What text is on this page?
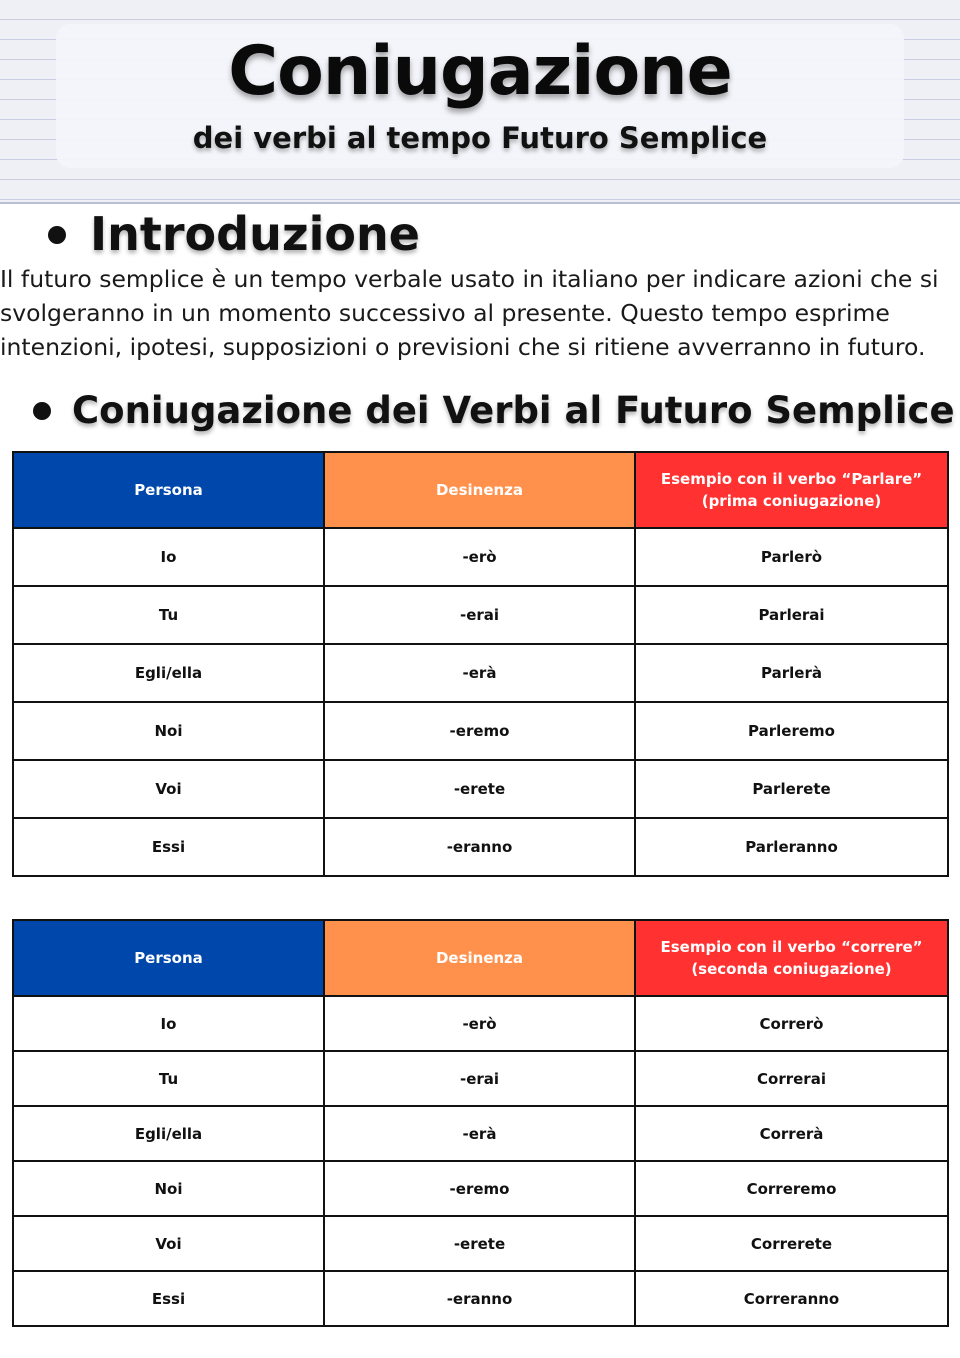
Coniugazione
dei verbi al tempo Futuro Semplice
Introduzione

Il futuro semplice è un tempo verbale usato in italiano per indicare azioni che si svolgeranno in un momento successivo al presente. Questo tempo esprime intenzioni, ipotesi, supposizioni o previsioni che si ritiene avverranno in futuro.

Coniugazione dei Verbi al Futuro Semplice
Persona	Desinenza	Esempio con il verbo “Parlare”
(prima coniugazione)
Io	-erò	Parlerò
Tu	-erai	Parlerai
Egli/ella	-erà	Parlerà
Noi	-eremo	Parleremo
Voi	-erete	Parlerete
Essi	-eranno	Parleranno
Persona	Desinenza	Esempio con il verbo “correre”
(seconda coniugazione)
Io	-erò	Correrò
Tu	-erai	Correrai
Egli/ella	-erà	Correrà
Noi	-eremo	Correremo
Voi	-erete	Correrete
Essi	-eranno	Correranno
